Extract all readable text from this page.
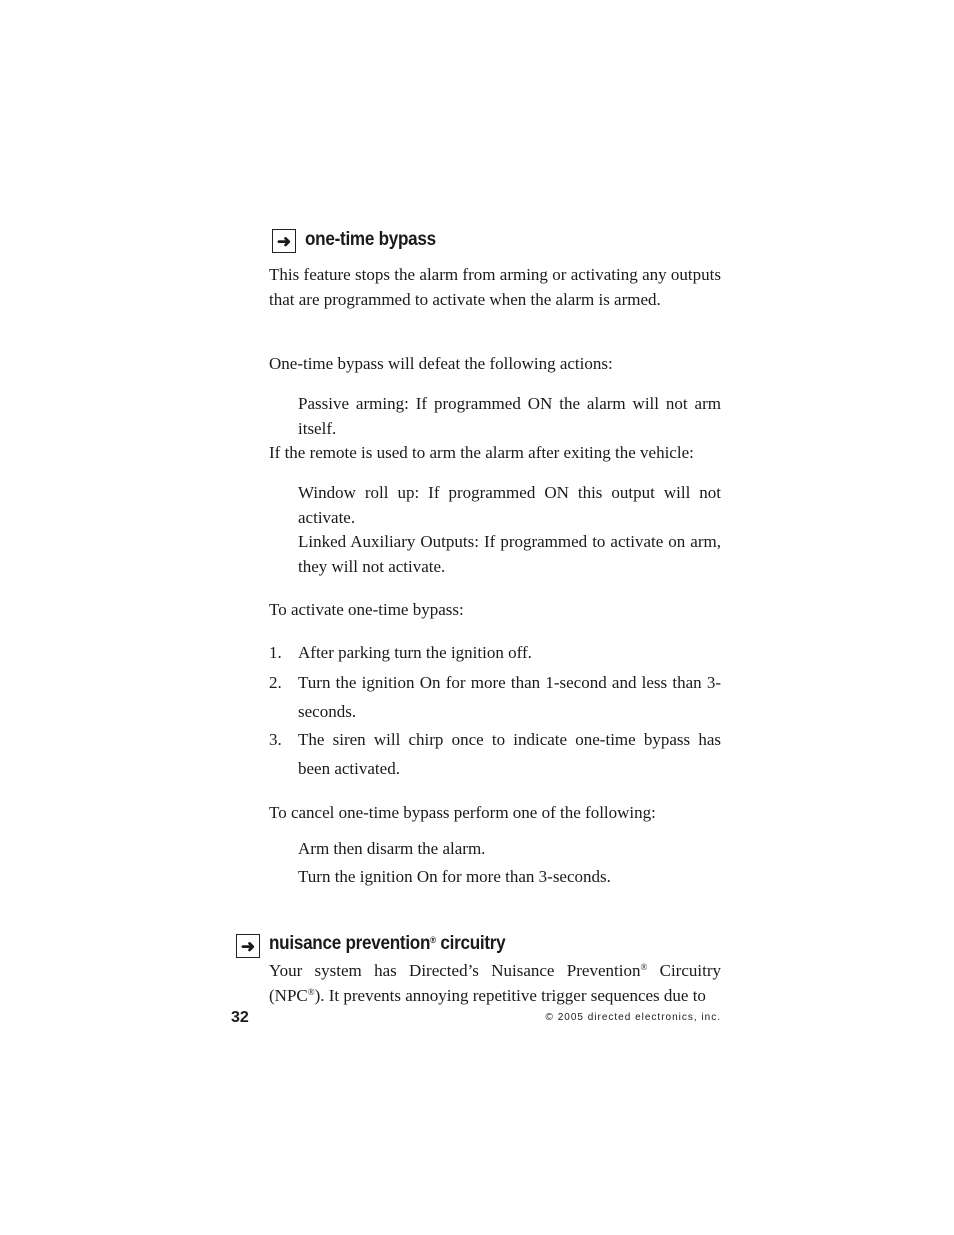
➜ one-time bypass
This feature stops the alarm from arming or activating any outputs that are programmed to activate when the alarm is armed.
One-time bypass will defeat the following actions:
Passive arming: If programmed ON the alarm will not arm itself.
If the remote is used to arm the alarm after exiting the vehicle:
Window roll up: If programmed ON this output will not activate.
Linked Auxiliary Outputs: If programmed to activate on arm, they will not activate.
To activate one-time bypass:
1. After parking turn the ignition off.
2. Turn the ignition On for more than 1-second and less than 3-seconds.
3. The siren will chirp once to indicate one-time bypass has been activated.
To cancel one-time bypass perform one of the following:
Arm then disarm the alarm.
Turn the ignition On for more than 3-seconds.
➜ nuisance prevention® circuitry
Your system has Directed’s Nuisance Prevention® Circuitry
(NPC®). It prevents annoying repetitive trigger sequences due to
32	© 2005 directed electronics, inc.
